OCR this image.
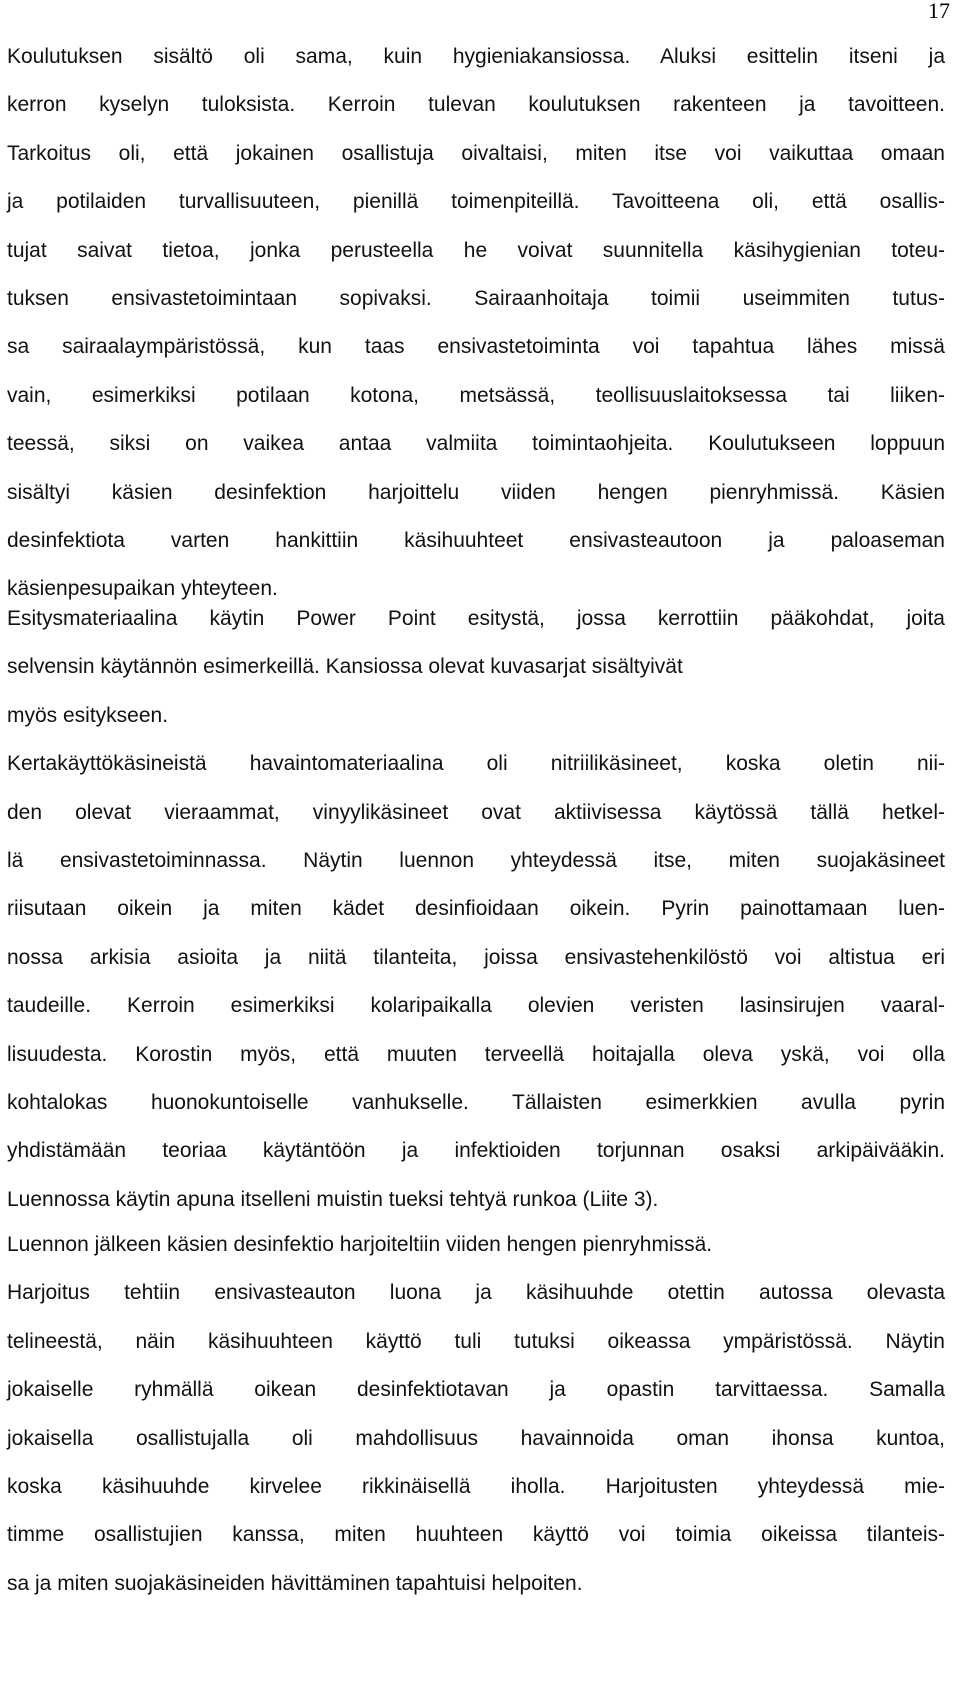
17
Koulutuksen sisältö oli sama, kuin hygieniakansiossa. Aluksi esittelin itseni ja
kerron kyselyn tuloksista. Kerroin tulevan koulutuksen rakenteen ja tavoitteen.
Tarkoitus oli, että jokainen osallistuja oivaltaisi, miten itse voi vaikuttaa omaan
ja potilaiden turvallisuuteen, pienillä toimenpiteillä. Tavoitteena oli, että osallis-
tujat saivat tietoa, jonka perusteella he voivat suunnitella käsihygienian toteu-
tuksen ensivastetoimintaan sopivaksi. Sairaanhoitaja toimii useimmiten tutus-
sa sairaalaympäristössä, kun taas ensivastetoiminta voi tapahtua lähes missä
vain, esimerkiksi potilaan kotona, metsässä, teollisuuslaitoksessa tai liiken-
teessä, siksi on vaikea antaa valmiita toimintaohjeita. Koulutukseen loppuun
sisältyi käsien desinfektion harjoittelu viiden hengen pienryhmissä. Käsien
desinfektiota varten hankittiin käsihuuhteet ensivasteautoon ja paloaseman
käsienpesupaikan yhteyteen.
Esitysmateriaalina käytin Power Point esitystä, jossa kerrottiin pääkohdat, joita
selvensin käytännön esimerkeillä. Kansiossa olevat kuvasarjat sisältyivät
myös esitykseen.
Kertakäyttökäsineistä havaintomateriaalina oli nitriilikäsineet, koska oletin nii-
den olevat vieraammat, vinyylikäsineet ovat aktiivisessa käytössä tällä hetkel-
lä ensivastetoiminnassa. Näytin luennon yhteydessä itse, miten suojakäsineet
riisutaan oikein ja miten kädet desinfioidaan oikein. Pyrin painottamaan luen-
nossa arkisia asioita ja niitä tilanteita, joissa ensivastehenkilöstö voi altistua eri
taudeille. Kerroin esimerkiksi kolaripaikalla olevien veristen lasinsirujen vaaral-
lisuudesta. Korostin myös, että muuten terveellä hoitajalla oleva yskä, voi olla
kohtalokas huonokuntoiselle vanhukselle. Tällaisten esimerkkien avulla pyrin
yhdistämään teoriaa käytäntöön ja infektioiden torjunnan osaksi arkipäivääkin.
Luennossa käytin apuna itselleni muistin tueksi tehtyä runkoa (Liite 3).
Luennon jälkeen käsien desinfektio harjoiteltiin viiden hengen pienryhmissä.
Harjoitus tehtiin ensivasteauton luona ja käsihuuhde otettin autossa olevasta
telineestä, näin käsihuuhteen käyttö tuli tutuksi oikeassa ympäristössä. Näytin
jokaiselle ryhmällä oikean desinfektiotavan ja opastin tarvittaessa. Samalla
jokaisella osallistujalla oli mahdollisuus havainnoida oman ihonsa kuntoa,
koska käsihuuhde kirvelee rikkinäisellä iholla. Harjoitusten yhteydessä mie-
timme osallistujien kanssa, miten huuhteen käyttö voi toimia oikeissa tilanteis-
sa ja miten suojakäsineiden hävittäminen tapahtuisi helpoiten.
